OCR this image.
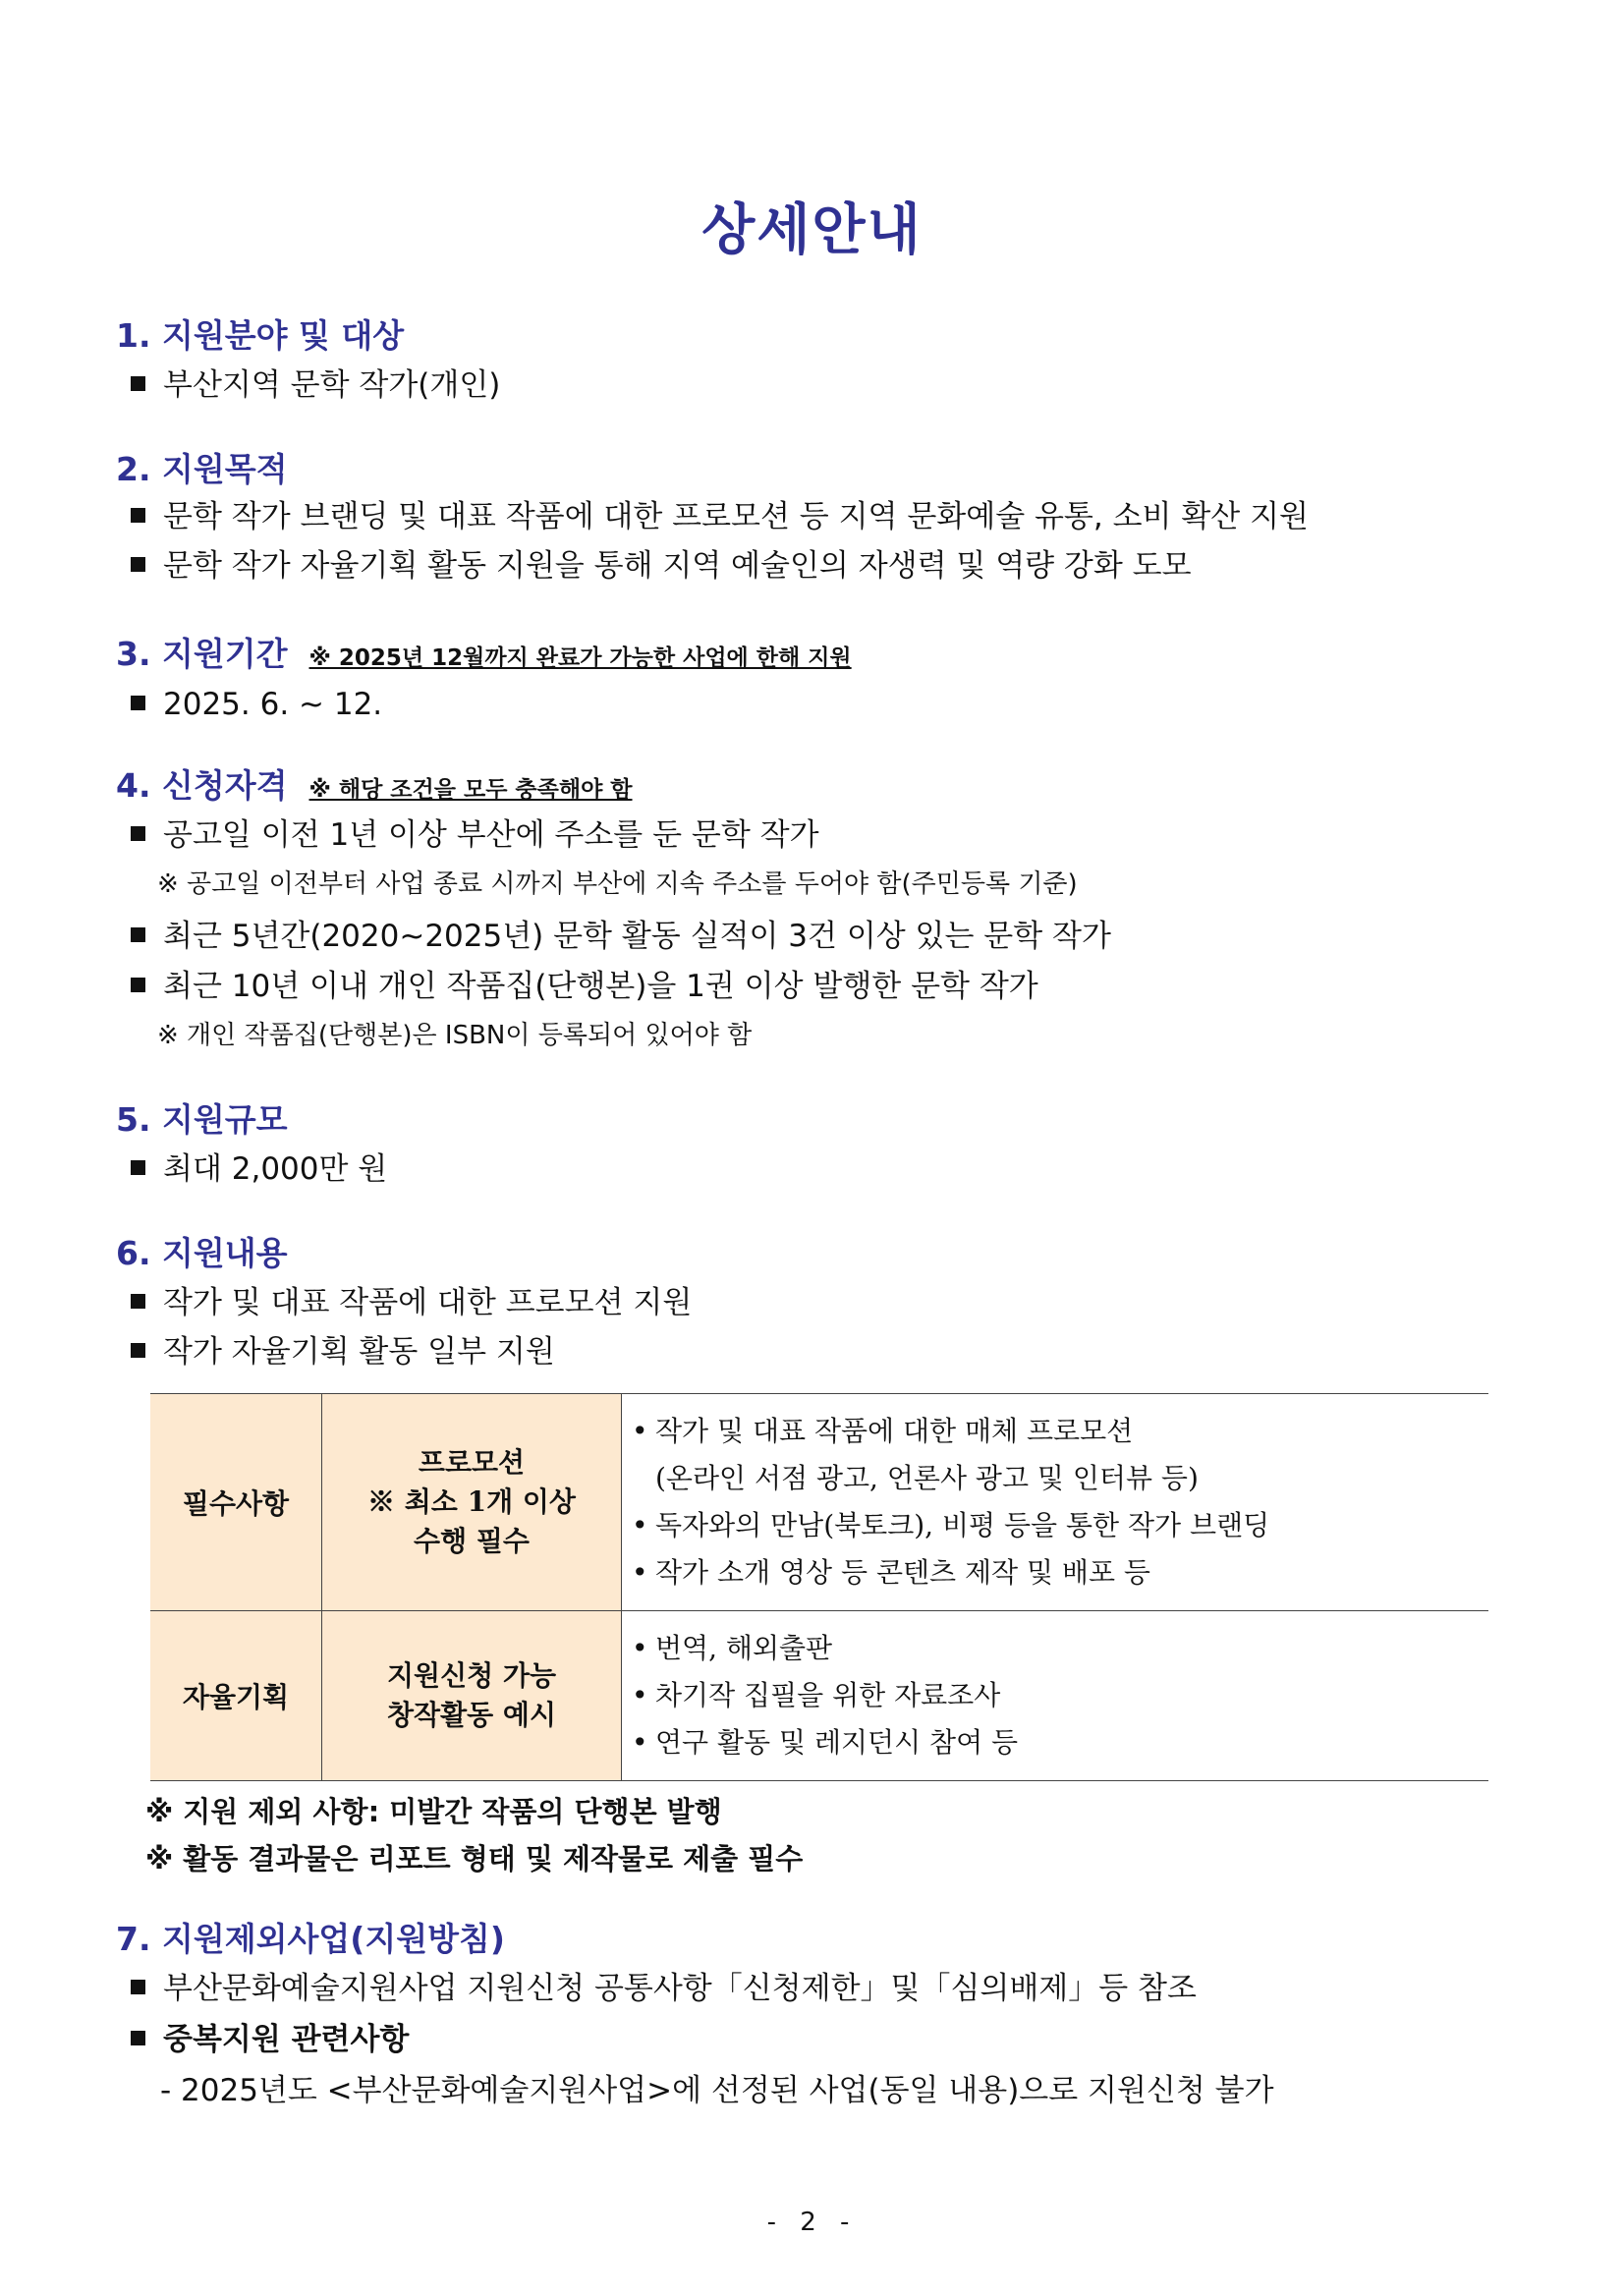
상세안내
1. 지원분야 및 대상
부산지역 문학 작가(개인)
2. 지원목적
문학 작가 브랜딩 및 대표 작품에 대한 프로모션 등 지역 문화예술 유통, 소비 확산 지원
문학 작가 자율기획 활동 지원을 통해 지역 예술인의 자생력 및 역량 강화 도모
3. 지원기간 ※ 2025년 12월까지 완료가 가능한 사업에 한해 지원
2025. 6. ~ 12.
4. 신청자격 ※ 해당 조건을 모두 충족해야 함
공고일 이전 1년 이상 부산에 주소를 둔 문학 작가
※ 공고일 이전부터 사업 종료 시까지 부산에 지속 주소를 두어야 함(주민등록 기준)
최근 5년간(2020~2025년) 문학 활동 실적이 3건 이상 있는 문학 작가
최근 10년 이내 개인 작품집(단행본)을 1권 이상 발행한 문학 작가
※ 개인 작품집(단행본)은 ISBN이 등록되어 있어야 함
5. 지원규모
최대 2,000만 원
6. 지원내용
작가 및 대표 작품에 대한 프로모션 지원
작가 자율기획 활동 일부 지원
필수사항	프로모션
※ 최소 1개 이상
수행 필수	• 작가 및 대표 작품에 대한 매체 프로모션
(온라인 서점 광고, 언론사 광고 및 인터뷰 등)
• 독자와의 만남(북토크), 비평 등을 통한 작가 브랜딩
• 작가 소개 영상 등 콘텐츠 제작 및 배포 등

자율기획	지원신청 가능
창작활동 예시	• 번역, 해외출판
• 차기작 집필을 위한 자료조사
• 연구 활동 및 레지던시 참여 등
※ 지원 제외 사항: 미발간 작품의 단행본 발행
※ 활동 결과물은 리포트 형태 및 제작물로 제출 필수
7. 지원제외사업(지원방침)
부산문화예술지원사업 지원신청 공통사항「신청제한」및「심의배제」등 참조
중복지원 관련사항
- 2025년도 <부산문화예술지원사업>에 선정된 사업(동일 내용)으로 지원신청 불가
- 2 -
